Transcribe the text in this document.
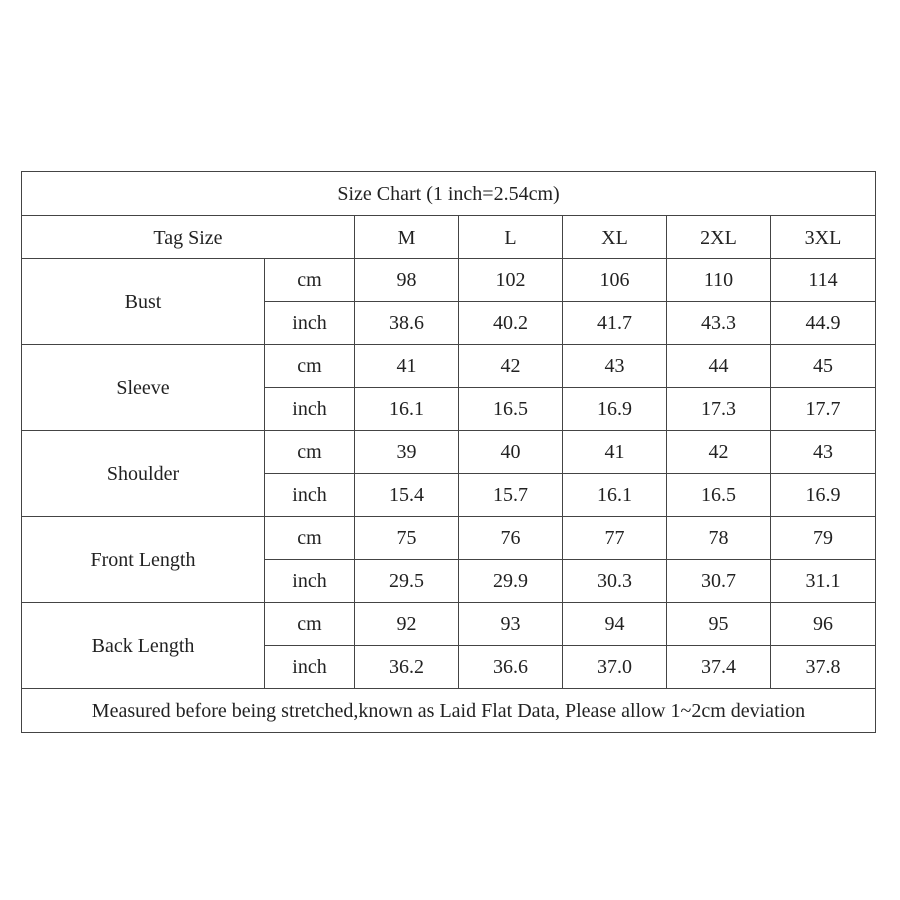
Size Chart (1 inch=2.54cm)						
Tag Size		M	L	XL	2XL	3XL
Bust	cm	98	102	106	110	114
	inch	38.6	40.2	41.7	43.3	44.9
Sleeve	cm	41	42	43	44	45
	inch	16.1	16.5	16.9	17.3	17.7
Shoulder	cm	39	40	41	42	43
	inch	15.4	15.7	16.1	16.5	16.9
Front Length	cm	75	76	77	78	79
	inch	29.5	29.9	30.3	30.7	31.1
Back Length	cm	92	93	94	95	96
	inch	36.2	36.6	37.0	37.4	37.8
Measured before being stretched,known as Laid Flat Data, Please allow 1~2cm deviation						
